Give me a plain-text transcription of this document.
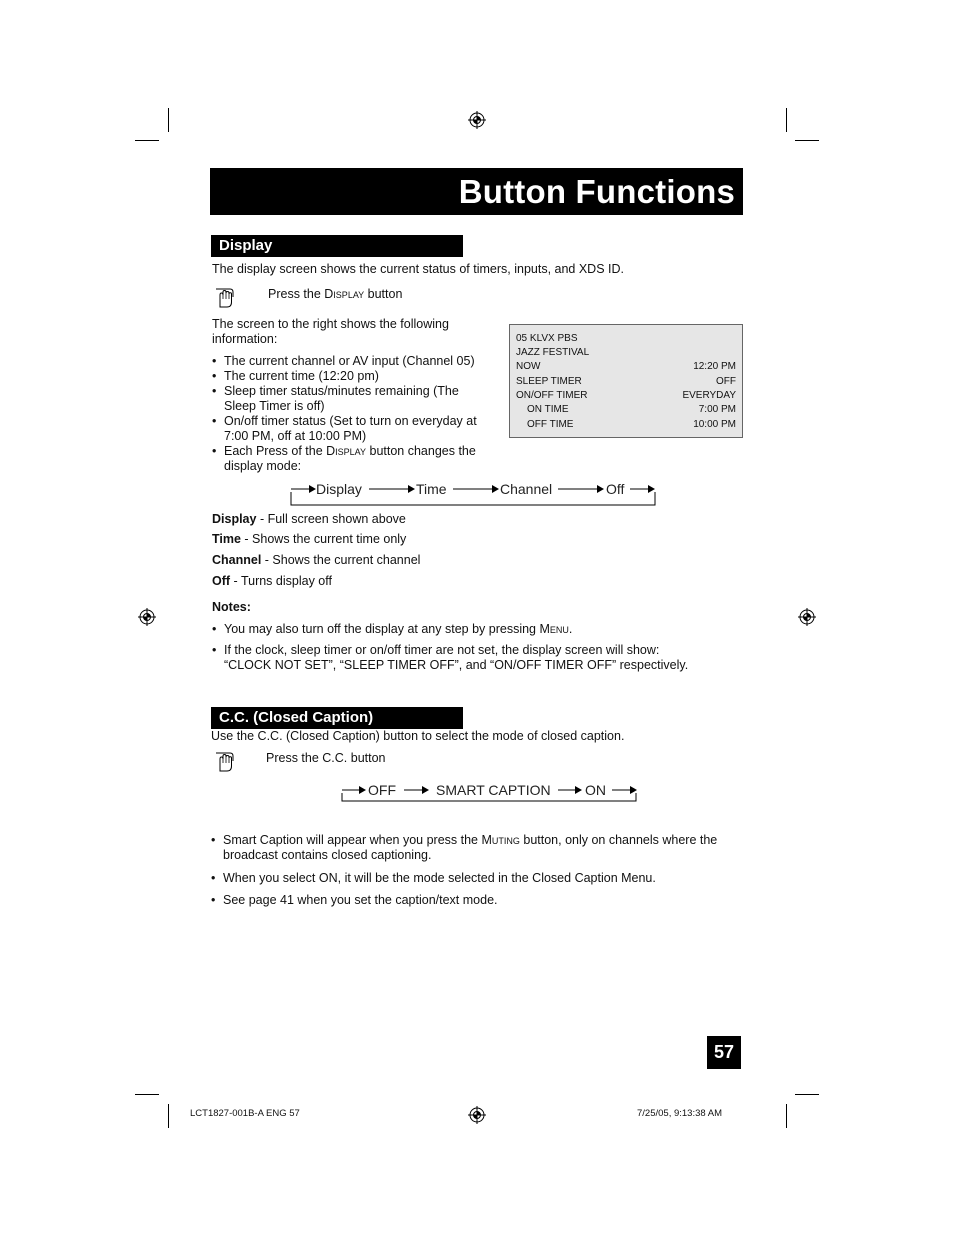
Button Functions
Display
The display screen shows the current status of timers, inputs, and XDS ID.
Press the Display button
The screen to the right shows the following information:
• The current channel or AV input (Channel 05)
• The current time (12:20 pm)
• Sleep timer status/minutes remaining (The Sleep Timer is off)
• On/off timer status (Set to turn on everyday at 7:00 PM, off at 10:00 PM)
• Each Press of the Display button changes the display mode:
05 KLVX PBS
JAZZ FESTIVAL
NOW	12:20 PM
SLEEP TIMER	OFF
ON/OFF TIMER	EVERYDAY
ON TIME	7:00 PM
OFF TIME	10:00 PM
Display	Time	Channel	Off
Display - Full screen shown above
Time - Shows the current time only
Channel - Shows the current channel
Off - Turns display off
Notes:
• You may also turn off the display at any step by pressing Menu.
• If the clock, sleep timer or on/off timer are not set, the display screen will show:
“CLOCK NOT SET”, “SLEEP TIMER OFF”, and “ON/OFF TIMER OFF” respectively.
C.C. (Closed Caption)
Use the C.C. (Closed Caption) button to select the mode of closed caption.
Press the C.C. button
OFF	SMART CAPTION ON
• Smart Caption will appear when you press the Muting button, only on channels where the
broadcast contains closed captioning.
• When you select ON, it will be the mode selected in the Closed Caption Menu.
• See page 41 when you set the caption/text mode.
57
LCT1827-001B-A ENG 57	7/25/05, 9:13:38 AM
